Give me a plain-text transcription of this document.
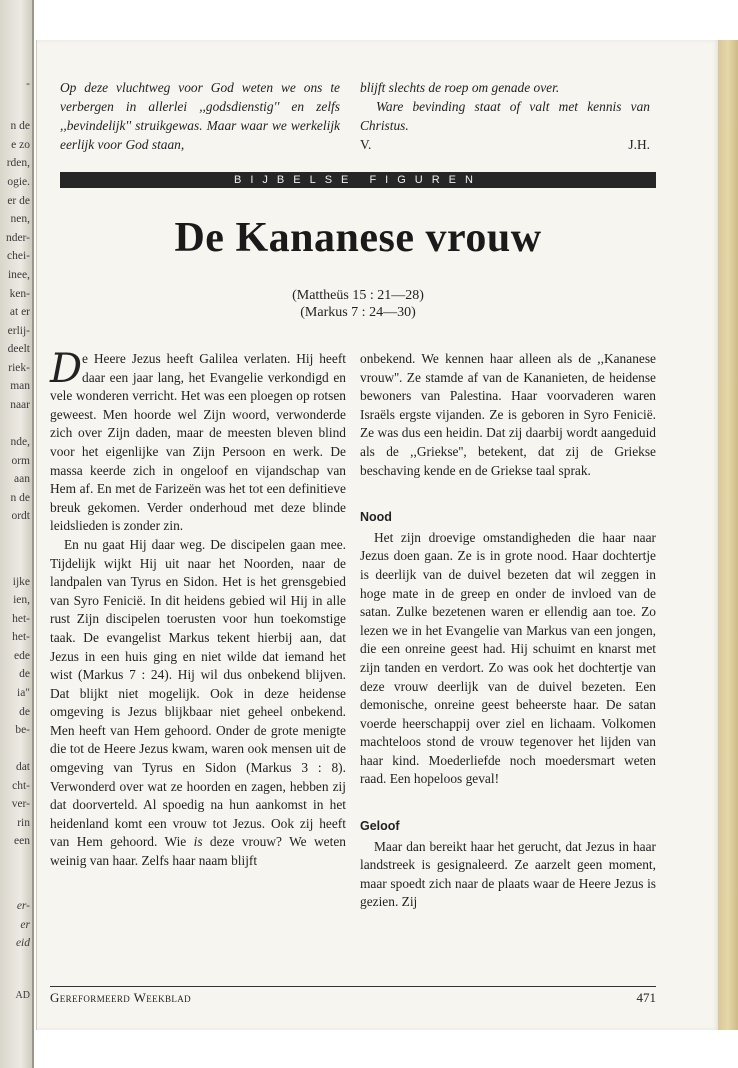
-
n de
e zo
rden,
ogie.
er de
nen,
nder-
chei-
inee,
ken-
at er
erlij-
deelt
riek-
man
naar
nde,
orm
aan
n de
ordt
ijke
ien,
het-
het-
ede
de
ia"
de
be-
dat
cht-
ver-
rin
een
er-
er
eid
AD

Op deze vluchtweg voor God weten we ons te verbergen in allerlei ,,godsdienstig'' en zelfs ,,bevindelijk'' struikgewas. Maar waar we werkelijk eerlijk voor God staan,

blijft slechts de roep om genade over.

Ware bevinding staat of valt met kennis van Christus.

V.	J.H.
BIJBELSE FIGUREN
De Kananese vrouw
(Mattheüs 15 : 21—28)
(Markus 7 : 24—30)

D e Heere Jezus heeft Galilea verlaten. Hij heeft daar een jaar lang, het Evangelie verkondigd en vele wonderen verricht. Het was een ploegen op rotsen geweest. Men hoorde wel Zijn woord, verwonderde zich over Zijn daden, maar de meesten bleven blind voor het eigenlijke van Zijn Persoon en werk. De massa keerde zich in ongeloof en vijandschap van Hem af. En met de Farizeën was het tot een definitieve breuk gekomen. Verder onderhoud met deze blinde leidslieden is zonder zin.

En nu gaat Hij daar weg. De discipelen gaan mee. Tijdelijk wijkt Hij uit naar het Noorden, naar de landpalen van Tyrus en Sidon. Het is het grensgebied van Syro Fenicië. In dit heidens gebied wil Hij in alle rust Zijn discipelen toerusten voor hun toekomstige taak. De evangelist Markus tekent hierbij aan, dat Jezus in een huis ging en niet wilde dat iemand het wist (Markus 7 : 24). Hij wil dus onbekend blijven. Dat blijkt niet mogelijk. Ook in deze heidense omgeving is Jezus blijkbaar niet geheel onbekend. Men heeft van Hem gehoord. Onder de grote menigte die tot de Heere Jezus kwam, waren ook mensen uit de omgeving van Tyrus en Sidon (Markus 3 : 8). Verwonderd over wat ze hoorden en zagen, hebben zij dat doorverteld. Al spoedig na hun aankomst in het heidenland komt een vrouw tot Jezus. Ook zij heeft van Hem gehoord. Wie is deze vrouw? We weten weinig van haar. Zelfs haar naam blijft

onbekend. We kennen haar alleen als de ,,Kananese vrouw''. Ze stamde af van de Kananieten, de heidense bewoners van Palestina. Haar voorvaderen waren Israëls ergste vijanden. Ze is geboren in Syro Fenicië. Ze was dus een heidin. Dat zij daarbij wordt aangeduid als de ,,Griekse'', betekent, dat zij de Griekse beschaving kende en de Griekse taal sprak.

Nood

Het zijn droevige omstandigheden die haar naar Jezus doen gaan. Ze is in grote nood. Haar dochtertje is deerlijk van de duivel bezeten dat wil zeggen in hoge mate in de greep en onder de invloed van de satan. Zulke bezetenen waren er ellendig aan toe. Zo lezen we in het Evangelie van Markus van een jongen, die een onreine geest had. Hij schuimt en knarst met zijn tanden en verdort. Zo was ook het dochtertje van deze vrouw deerlijk van de duivel bezeten. Een demonische, onreine geest beheerste haar. De satan voerde heerschappij over ziel en lichaam. Volkomen machteloos stond de vrouw tegenover het lijden van haar kind. Moederliefde noch moedersmart weten raad. Een hopeloos geval!

Geloof

Maar dan bereikt haar het gerucht, dat Jezus in haar landstreek is gesignaleerd. Ze aarzelt geen moment, maar spoedt zich naar de plaats waar de Heere Jezus is gezien. Zij

Gereformeerd Weekblad	471
